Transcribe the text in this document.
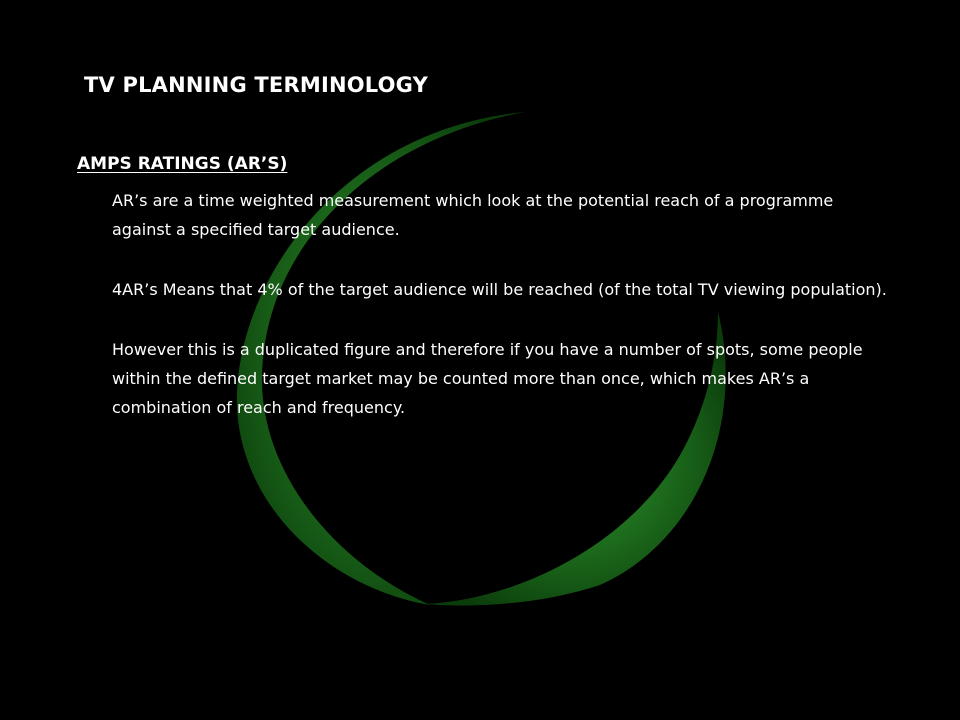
TV PLANNING TERMINOLOGY
AMPS RATINGS (AR’S)

AR’s are a time weighted measurement which look at the potential reach of a programme against a specified target audience.

4AR’s Means that 4% of the target audience will be reached (of the total TV viewing population).

However this is a duplicated figure and therefore if you have a number of spots, some people within the defined target market may be counted more than once, which makes AR’s a combination of reach and frequency.
